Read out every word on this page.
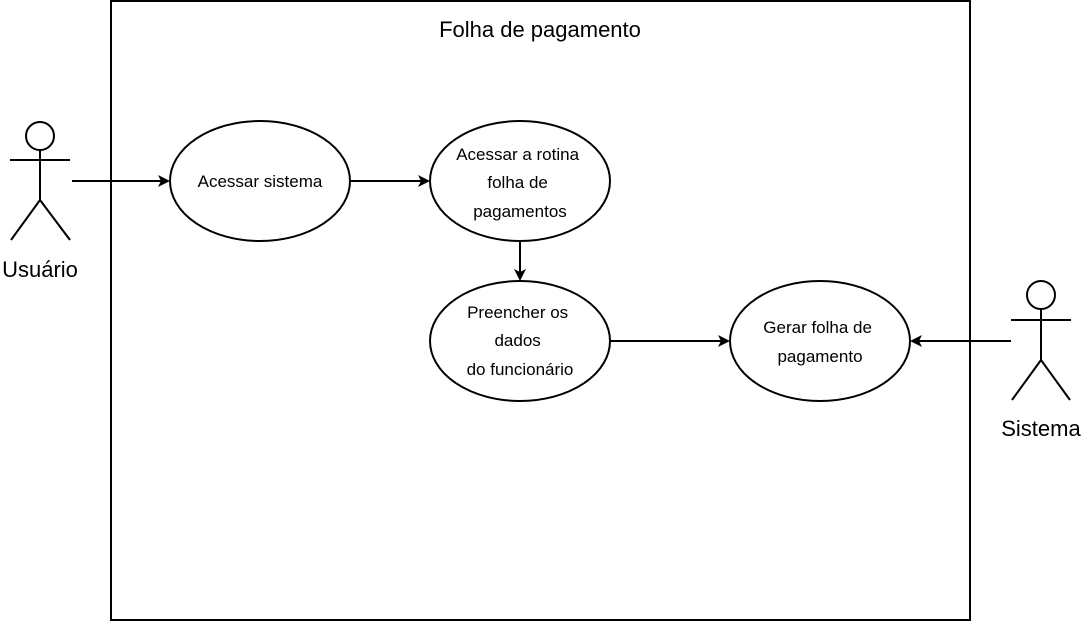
Folha de pagamento
Usuário
Sistema
Acessar sistema
Acessar a rotina folha de pagamentos
Preencher os dados do funcionário
Gerar folha de pagamento
